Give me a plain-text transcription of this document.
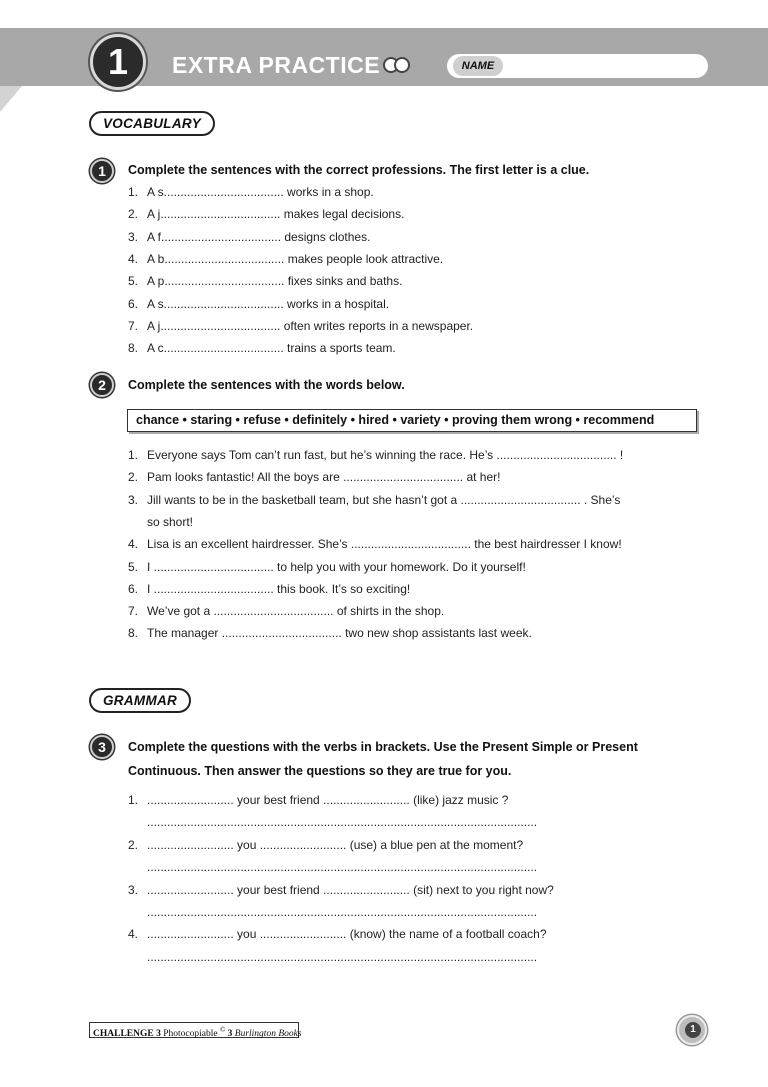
1	EXTRA PRACTICE	NAME
VOCABULARY
1	Complete the sentences with the correct professions. The first letter is a clue.
1. A s.................................... works in a shop.
2. A j.................................... makes legal decisions.
3. A f.................................... designs clothes.
4. A b.................................... makes people look attractive.
5. A p.................................... fixes sinks and baths.
6. A s.................................... works in a hospital.
7. A j.................................... often writes reports in a newspaper.
8. A c.................................... trains a sports team.
2	Complete the sentences with the words below.
chance • staring • refuse • definitely • hired • variety • proving them wrong • recommend
1. Everyone says Tom can’t run fast, but he’s winning the race. He’s .................................... !
2. Pam looks fantastic! All the boys are .................................... at her!
3. Jill wants to be in the basketball team, but she hasn’t got a .................................... . She’s
so short!
4. Lisa is an excellent hairdresser. She’s .................................... the best hairdresser I know!
5. I .................................... to help you with your homework. Do it yourself!
6. I .................................... this book. It’s so exciting!
7. We’ve got a .................................... of shirts in the shop.
8. The manager .................................... two new shop assistants last week.
GRAMMAR
3	Complete the questions with the verbs in brackets. Use the Present Simple or Present
Continuous. Then answer the questions so they are true for you.
1. .......................... your best friend .......................... (like) jazz music ?
.....................................................................................................................
2. .......................... you .......................... (use) a blue pen at the moment?
.....................................................................................................................
3. .......................... your best friend .......................... (sit) next to you right now?
.....................................................................................................................
4. .......................... you .......................... (know) the name of a football coach?
.....................................................................................................................
CHALLENGE 3 Photocopiable © 3 Burlington Books	1
